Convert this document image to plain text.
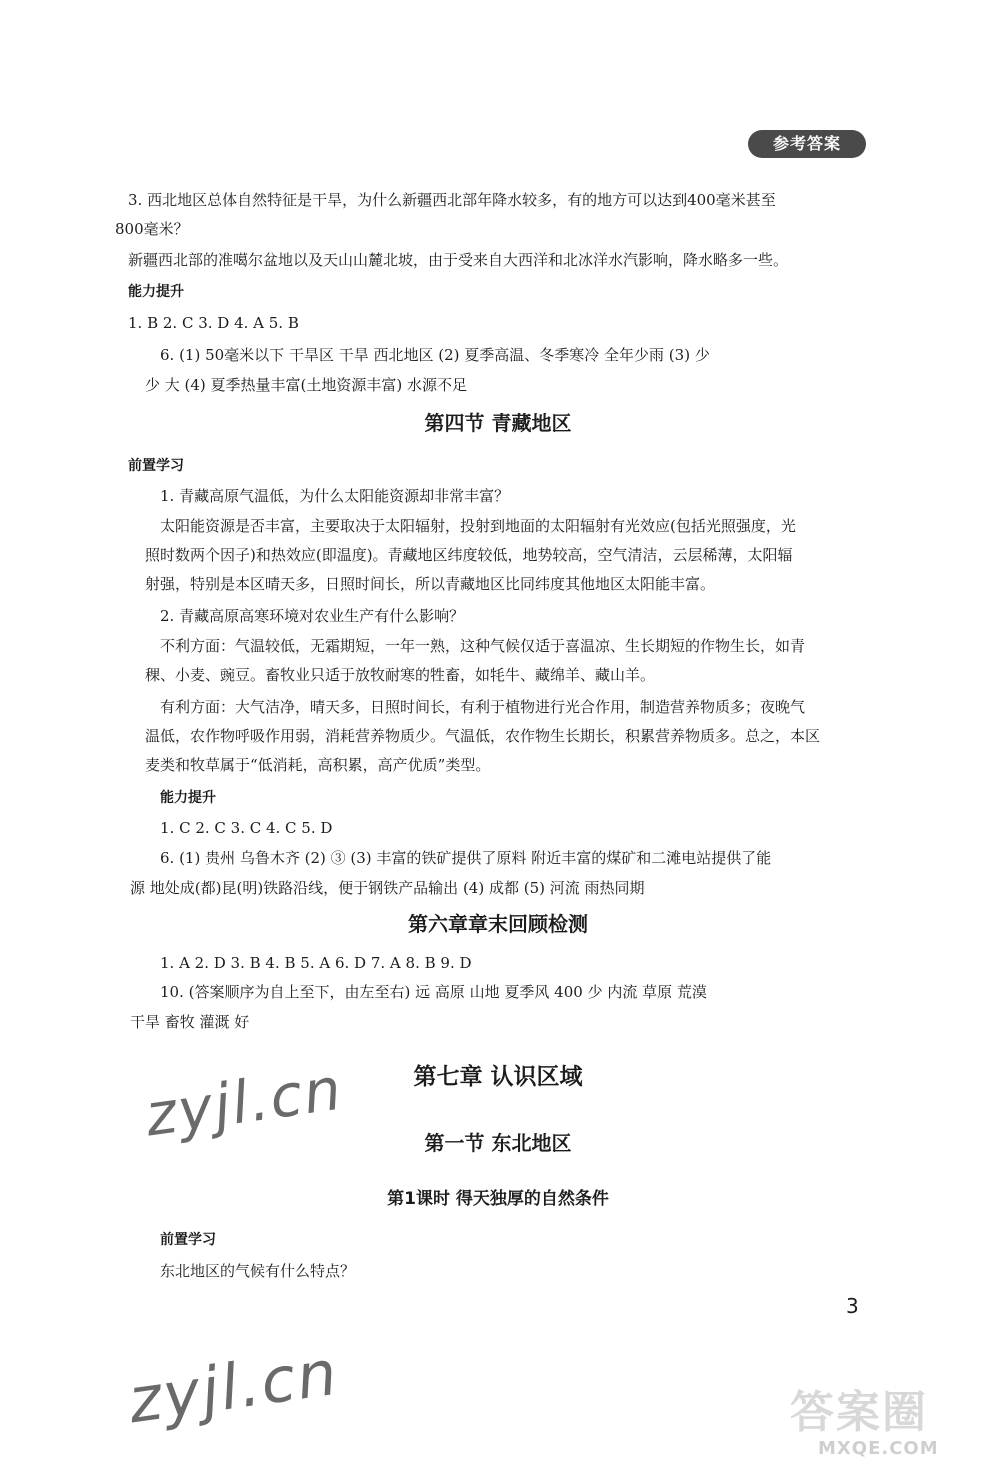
参考答案
3. 西北地区总体自然特征是干旱，为什么新疆西北部年降水较多，有的地方可以达到400毫米甚至
800毫米？
新疆西北部的准噶尔盆地以及天山山麓北坡，由于受来自大西洋和北冰洋水汽影响，降水略多一些。
能力提升
1. B 2. C 3. D 4. A 5. B
6. (1) 50毫米以下 干旱区 干旱 西北地区 (2) 夏季高温、冬季寒冷 全年少雨 (3) 少
少 大 (4) 夏季热量丰富(土地资源丰富) 水源不足
第四节 青藏地区
前置学习
1. 青藏高原气温低，为什么太阳能资源却非常丰富？
太阳能资源是否丰富，主要取决于太阳辐射，投射到地面的太阳辐射有光效应(包括光照强度，光
照时数两个因子)和热效应(即温度)。青藏地区纬度较低，地势较高，空气清洁，云层稀薄，太阳辐
射强，特别是本区晴天多，日照时间长，所以青藏地区比同纬度其他地区太阳能丰富。
2. 青藏高原高寒环境对农业生产有什么影响？
不利方面：气温较低，无霜期短，一年一熟，这种气候仅适于喜温凉、生长期短的作物生长，如青
稞、小麦、豌豆。畜牧业只适于放牧耐寒的牲畜，如牦牛、藏绵羊、藏山羊。
有利方面：大气洁净，晴天多，日照时间长，有利于植物进行光合作用，制造营养物质多；夜晚气
温低，农作物呼吸作用弱，消耗营养物质少。气温低，农作物生长期长，积累营养物质多。总之，本区
麦类和牧草属于“低消耗，高积累，高产优质”类型。
能力提升
1. C 2. C 3. C 4. C 5. D
6. (1) 贵州 乌鲁木齐 (2) ③ (3) 丰富的铁矿提供了原料 附近丰富的煤矿和二滩电站提供了能
源 地处成(都)昆(明)铁路沿线，便于钢铁产品输出 (4) 成都 (5) 河流 雨热同期
第六章章末回顾检测
1. A 2. D 3. B 4. B 5. A 6. D 7. A 8. B 9. D
10. (答案顺序为自上至下，由左至右) 远 高原 山地 夏季风 400 少 内流 草原 荒漠
干旱 畜牧 灌溉 好
第七章 认识区域
第一节 东北地区
第1课时 得天独厚的自然条件
前置学习
东北地区的气候有什么特点？
3
zyjl.cn
zyjl.cn	答案圈
MXQE.COM
